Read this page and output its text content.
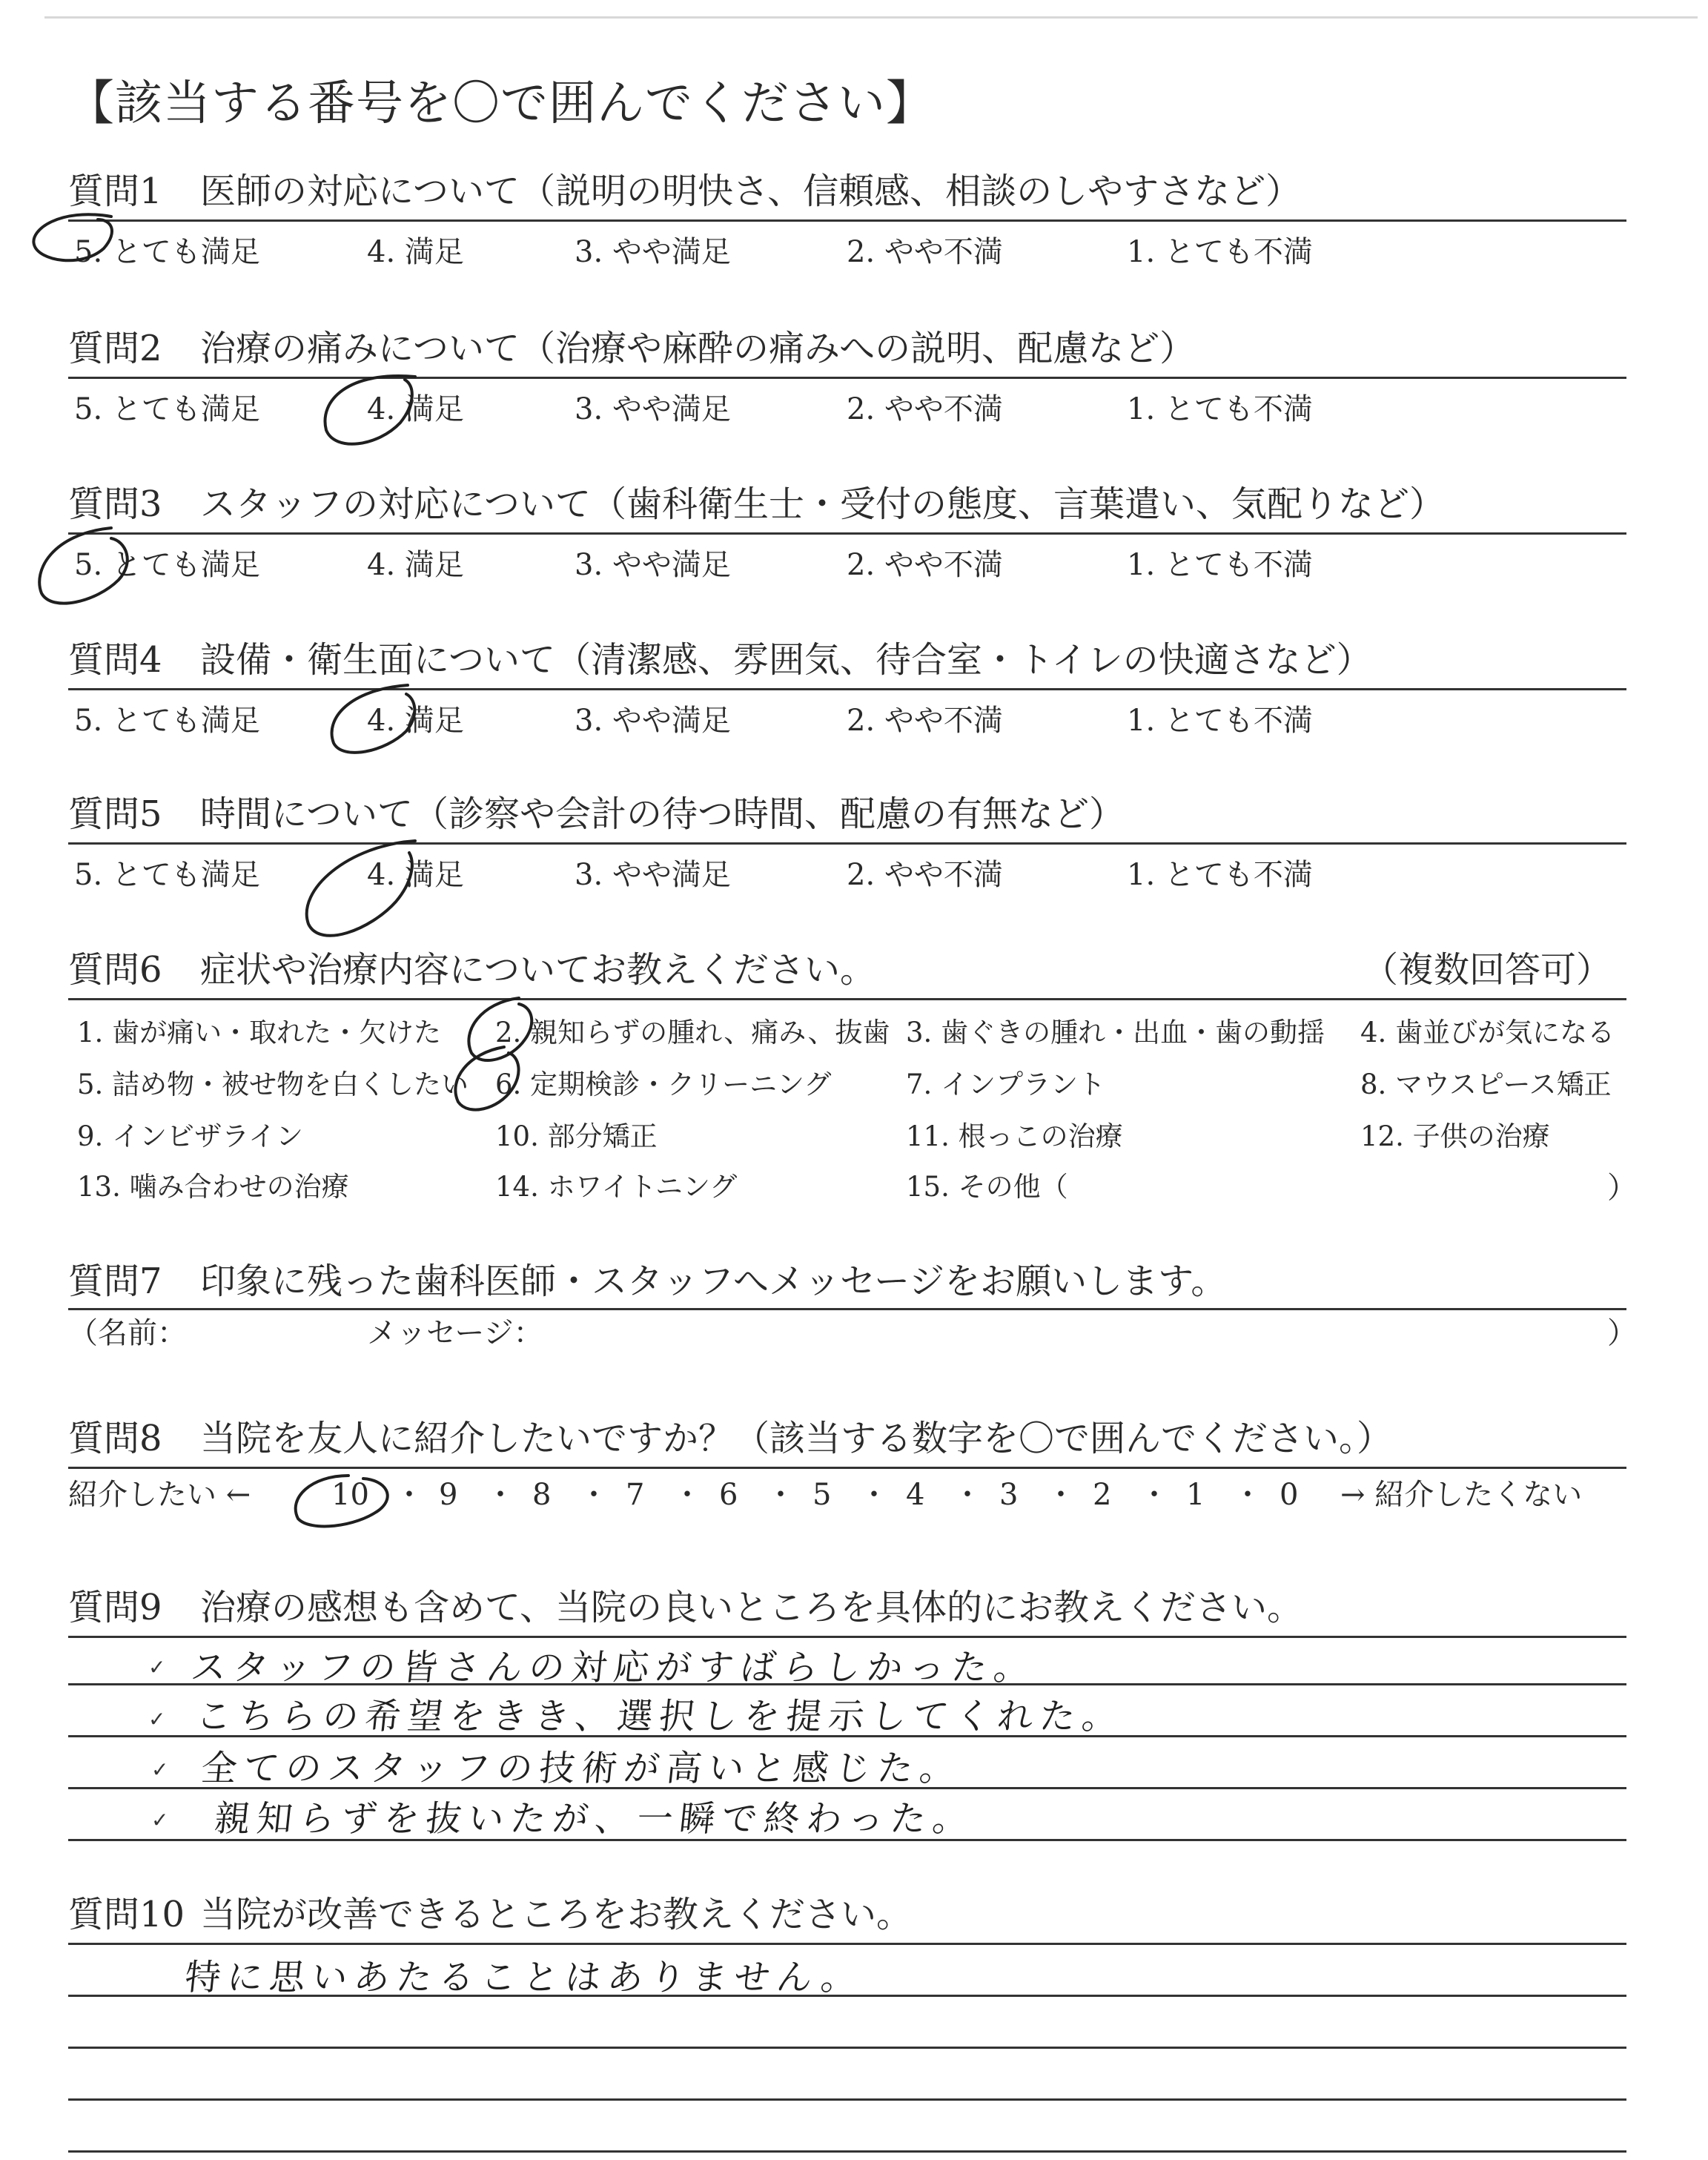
【該当する番号を〇で囲んでください】
質問1 医師の対応について（説明の明快さ、信頼感、相談のしやすさなど）
5. とても満足	4. 満足	3. やや満足	2. やや不満	1. とても不満
質問2 治療の痛みについて（治療や麻酔の痛みへの説明、配慮など）
5. とても満足	4. 満足	3. やや満足	2. やや不満	1. とても不満
質問3 スタッフの対応について（歯科衛生士・受付の態度、言葉遣い、気配りなど）
5. とても満足	4. 満足	3. やや満足	2. やや不満	1. とても不満
質問4 設備・衛生面について（清潔感、雰囲気、待合室・トイレの快適さなど）
5. とても満足	4. 満足	3. やや満足	2. やや不満	1. とても不満
質問5 時間について（診察や会計の待つ時間、配慮の有無など）
5. とても満足	4. 満足	3. やや満足	2. やや不満	1. とても不満
質問6 症状や治療内容についてお教えください。	（複数回答可）
1. 歯が痛い・取れた・欠けた 2. 親知らずの腫れ、痛み、抜歯 3. 歯ぐきの腫れ・出血・歯の動揺 4. 歯並びが気になる
5. 詰め物・被せ物を白くしたい 6. 定期検診・クリーニング	7. インプラント	8. マウスピース矯正
9. インビザライン	10. 部分矯正	11. 根っこの治療	12. 子供の治療
13. 噛み合わせの治療	14. ホワイトニング	15. その他（	）
質問7 印象に残った歯科医師・スタッフへメッセージをお願いします。
（名前：	メッセージ：	）
質問8 当院を友人に紹介したいですか？（該当する数字を〇で囲んでください。）
紹介したい ←	→ 紹介したくない
10 ・ 9 ・ 8 ・ 7 ・ 6 ・ 5 ・ 4 ・ 3 ・ 2 ・ 1 ・ 0
質問9 治療の感想も含めて、当院の良いところを具体的にお教えください。
✓ スタッフの皆さんの対応がすばらしかった。
✓ こちらの希望をきき、選択しを提示してくれた。
✓ 全てのスタッフの技術が高いと感じた。
✓ 親知らずを抜いたが、一瞬で終わった。
質問10 当院が改善できるところをお教えください。
特に思いあたることはありません。
